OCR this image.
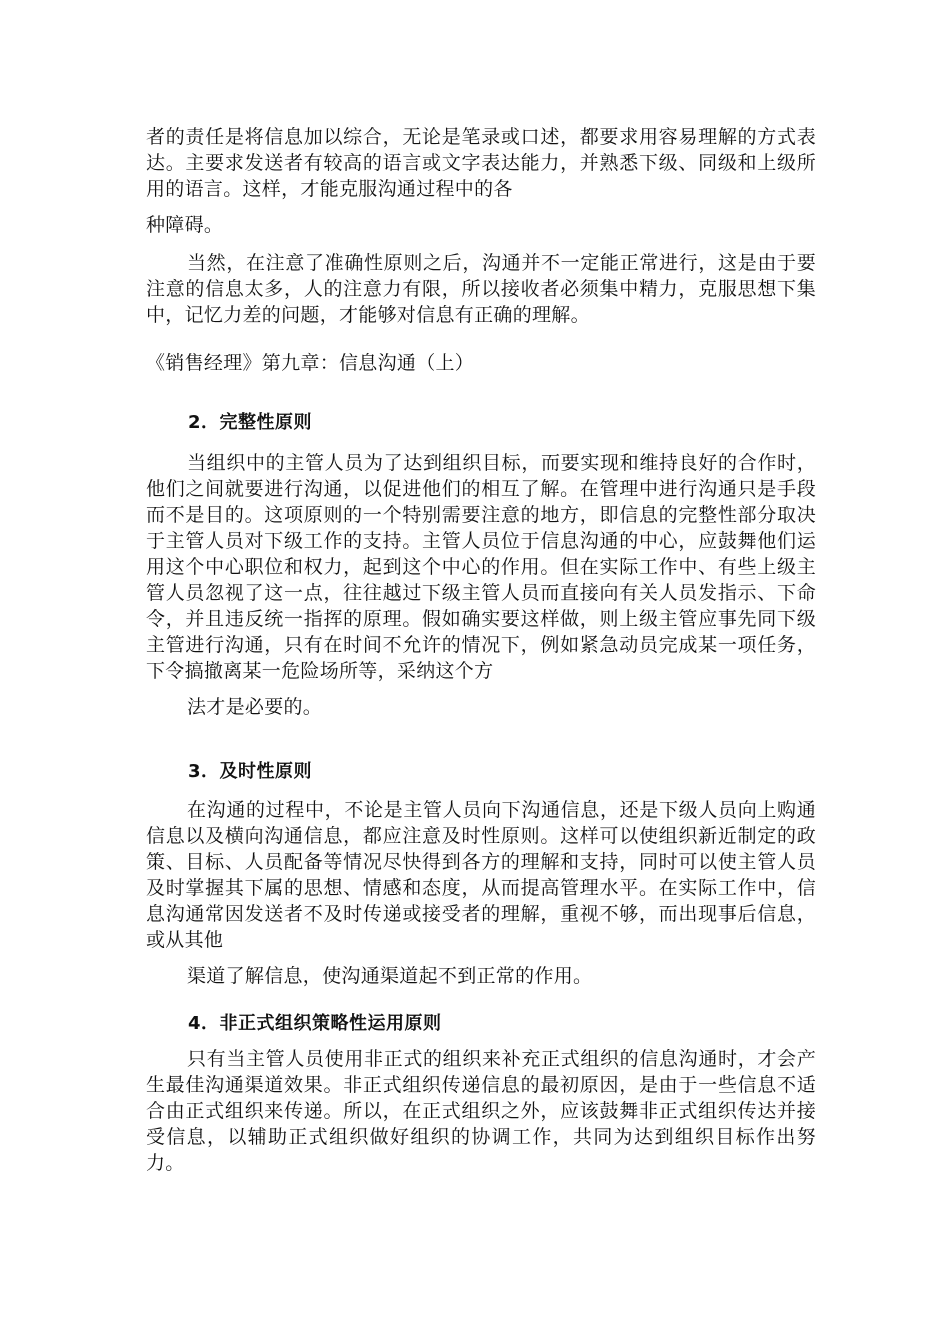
者的责任是将信息加以综合，无论是笔录或口述，都要求用容易理解的方式表达。主要求发送者有较高的语言或文字表达能力，并熟悉下级、同级和上级所用的语言。这样，才能克服沟通过程中的各
种障碍。

当然，在注意了准确性原则之后，沟通并不一定能正常进行，这是由于要注意的信息太多，人的注意力有限，所以接收者必须集中精力，克服思想下集中，记忆力差的问题，才能够对信息有正确的理解。

《销售经理》第九章：信息沟通（上）

2．完整性原则

当组织中的主管人员为了达到组织目标，而要实现和维持良好的合作时，他们之间就要进行沟通，以促进他们的相互了解。在管理中进行沟通只是手段而不是目的。这项原则的一个特别需要注意的地方，即信息的完整性部分取决于主管人员对下级工作的支持。主管人员位于信息沟通的中心，应鼓舞他们运用这个中心职位和权力，起到这个中心的作用。但在实际工作中、有些上级主管人员忽视了这一点，往往越过下级主管人员而直接向有关人员发指示、下命令，并且违反统一指挥的原理。假如确实要这样做，则上级主管应事先同下级主管进行沟通，只有在时间不允许的情况下，例如紧急动员完成某一项任务，下令搞撤离某一危险场所等，采纳这个方
法才是必要的。

3．及时性原则

在沟通的过程中，不论是主管人员向下沟通信息，还是下级人员向上购通信息以及横向沟通信息，都应注意及时性原则。这样可以使组织新近制定的政策、目标、人员配备等情况尽快得到各方的理解和支持，同时可以使主管人员及时掌握其下属的思想、情感和态度，从而提高管理水平。在实际工作中，信息沟通常因发送者不及时传递或接受者的理解，重视不够，而出现事后信息，或从其他
渠道了解信息，使沟通渠道起不到正常的作用。

4．非正式组织策略性运用原则

只有当主管人员使用非正式的组织来补充正式组织的信息沟通时，才会产生最佳沟通渠道效果。非正式组织传递信息的最初原因，是由于一些信息不适合由正式组织来传递。所以，在正式组织之外，应该鼓舞非正式组织传达并接受信息，以辅助正式组织做好组织的协调工作，共同为达到组织目标作出努力。
